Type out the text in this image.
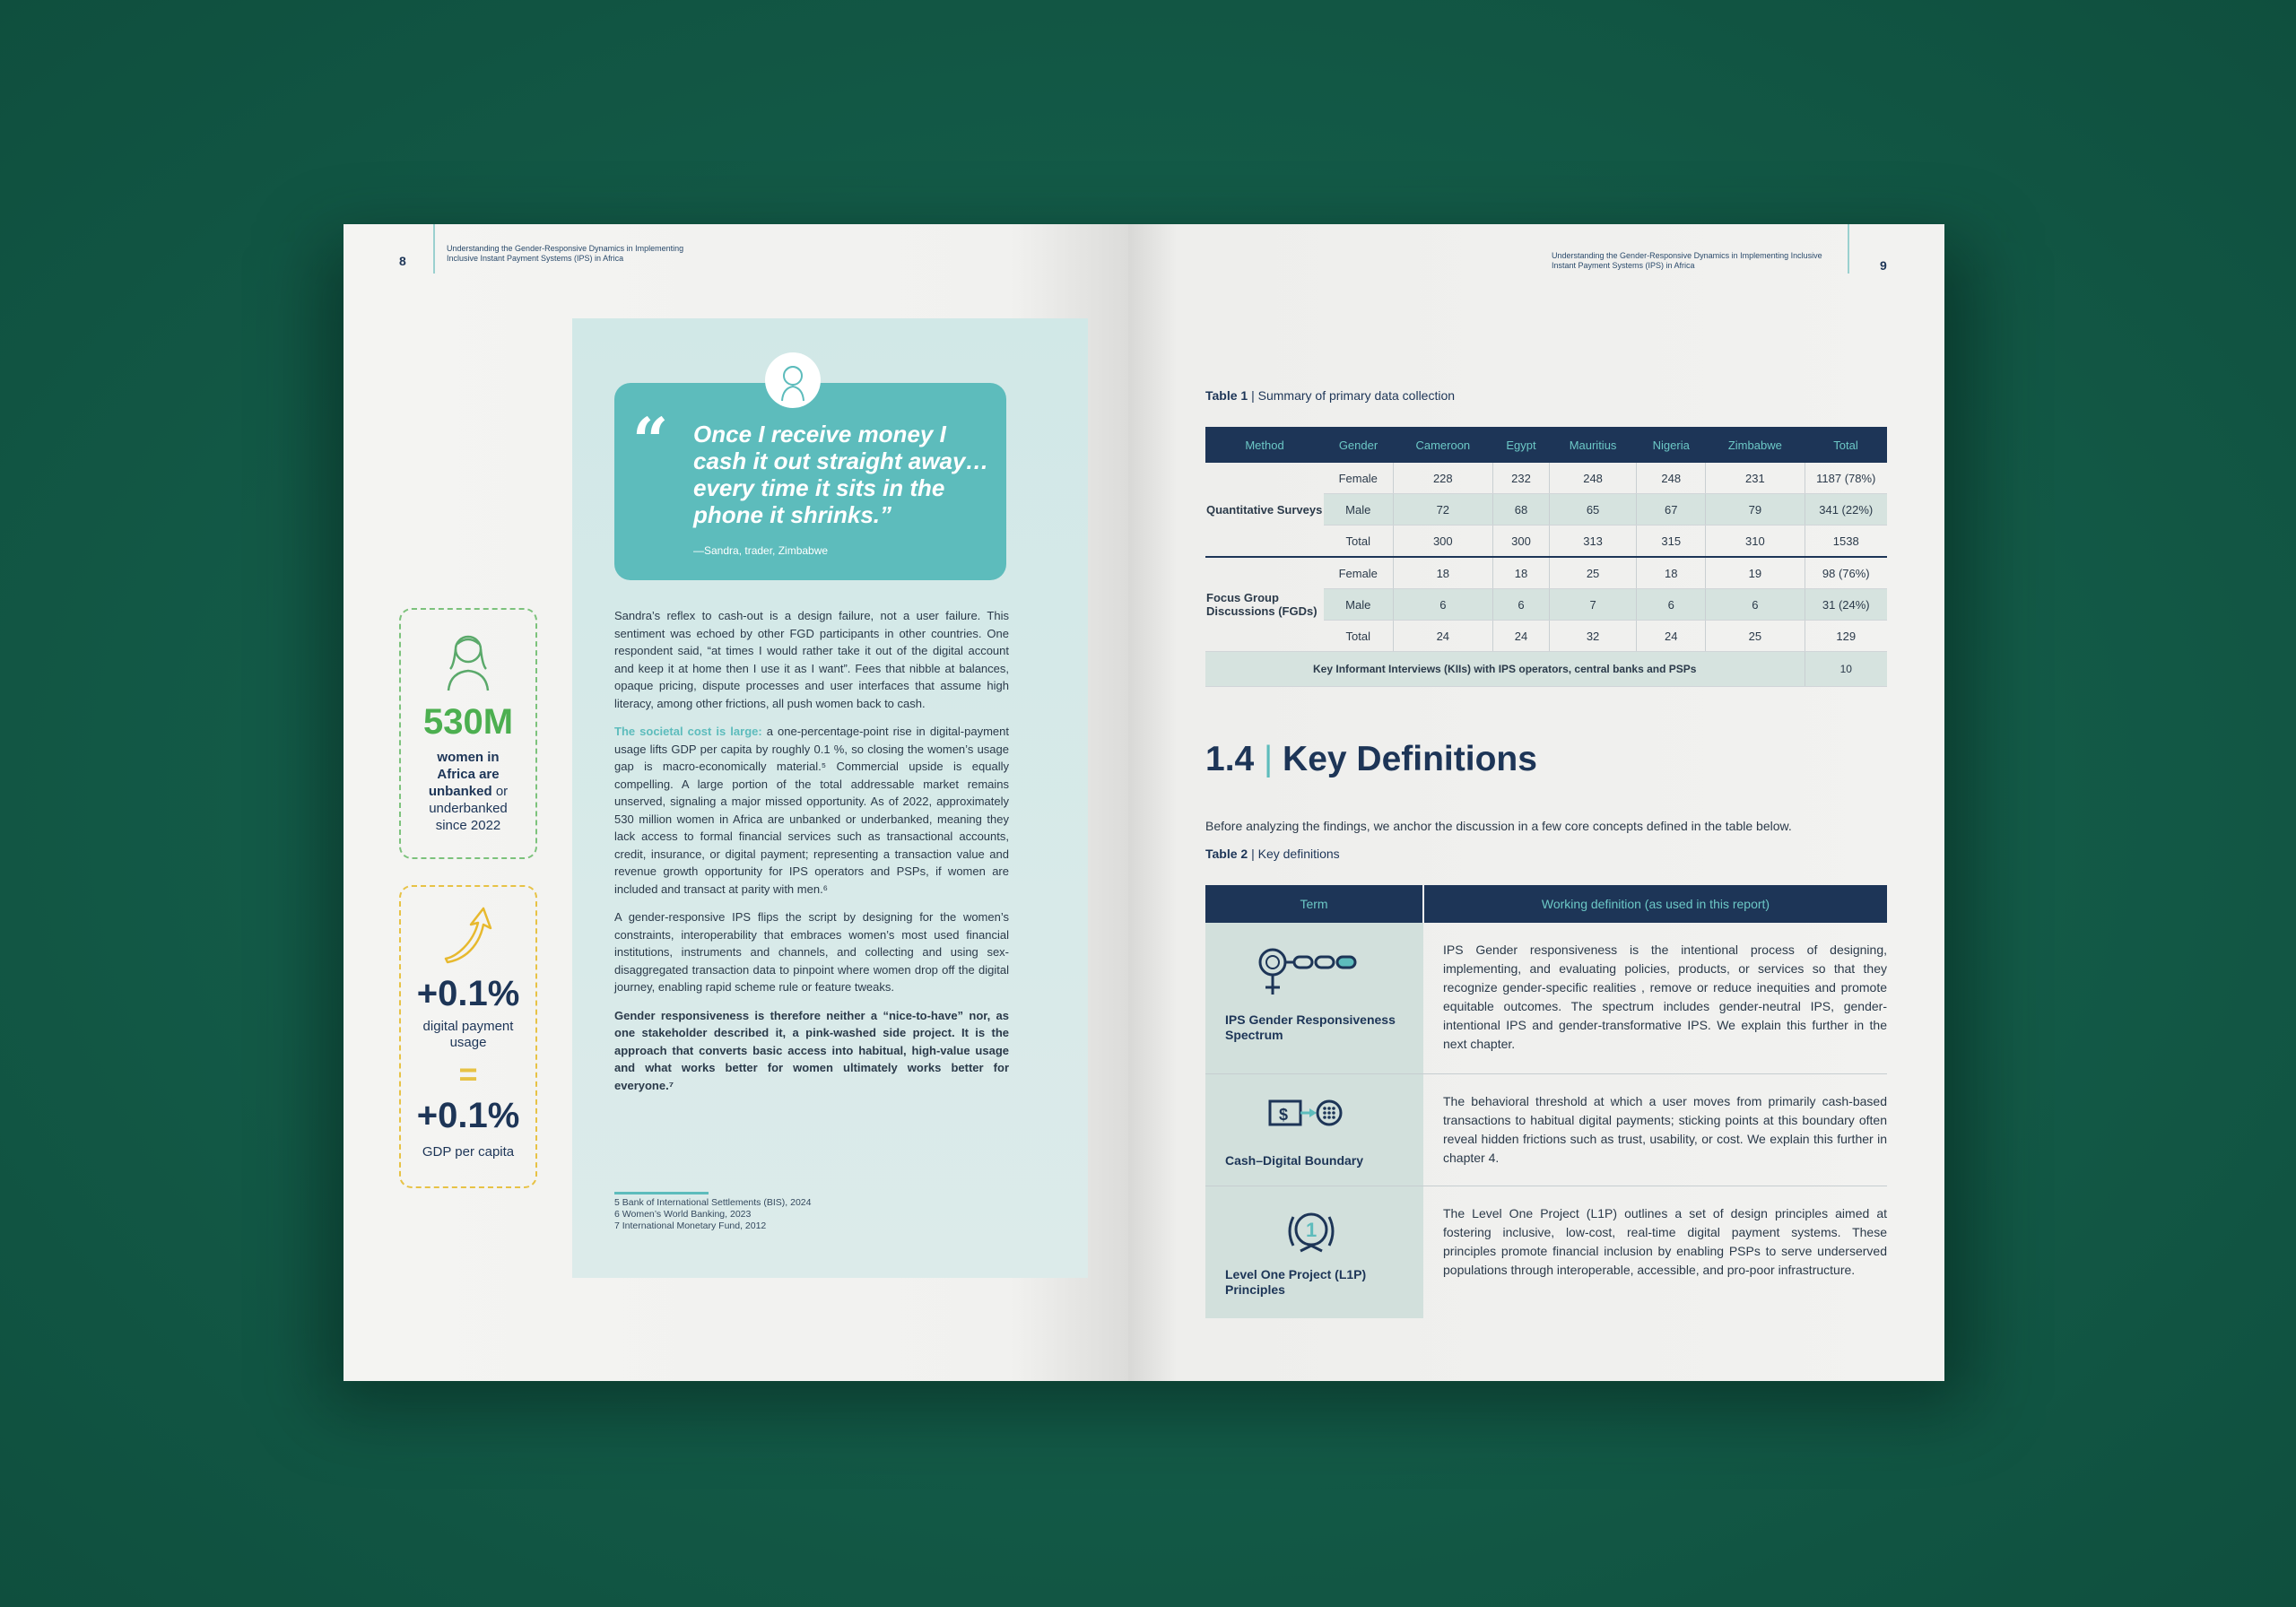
8
Understanding the Gender-Responsive Dynamics in Implementing Inclusive Instant Payment Systems (IPS) in Africa
530M
women in
Africa are
unbanked or
underbanked
since 2022
+0.1%
digital payment usage
=
+0.1%
GDP per capita
“ Once I receive money I cash it out straight away… every time it sits in the phone it shrinks.”
—Sandra, trader, Zimbabwe

Sandra’s reflex to cash-out is a design failure, not a user failure. This sentiment was echoed by other FGD participants in other countries. One respondent said, “at times I would rather take it out of the digital account and keep it at home then I use it as I want”. Fees that nibble at balances, opaque pricing, dispute processes and user interfaces that assume high literacy, among other frictions, all push women back to cash.

The societal cost is large: a one-percentage-point rise in digital-payment usage lifts GDP per capita by roughly 0.1 %, so closing the women’s usage gap is macro-economically material.⁵ Commercial upside is equally compelling. A large portion of the total addressable market remains unserved, signaling a major missed opportunity. As of 2022, approximately 530 million women in Africa are unbanked or underbanked, meaning they lack access to formal financial services such as transactional accounts, credit, insurance, or digital payment; representing a transaction value and revenue growth opportunity for IPS operators and PSPs, if women are included and transact at parity with men.⁶

A gender-responsive IPS flips the script by designing for the women’s constraints, interoperability that embraces women’s most used financial institutions, instruments and channels, and collecting and using sex-disaggregated transaction data to pinpoint where women drop off the digital journey, enabling rapid scheme rule or feature tweaks.

Gender responsiveness is therefore neither a “nice-to-have” nor, as one stakeholder described it, a pink-washed side project. It is the approach that converts basic access into habitual, high-value usage and what works better for women ultimately works better for everyone.⁷

5 Bank of International Settlements (BIS), 2024
6 Women’s World Banking, 2023
7 International Monetary Fund, 2012
Understanding the Gender-Responsive Dynamics in Implementing Inclusive Instant Payment Systems (IPS) in Africa	9
Table 1 | Summary of primary data collection
Method	Gender	Cameroon	Egypt	Mauritius	Nigeria	Zimbabwe	Total
Quantitative Surveys	Female	228	232	248	248	231	1187 (78%)
	Male	72	68	65	67	79	341 (22%)
	Total	300	300	313	315	310	1538
Focus Group Discussions (FGDs)	Female	18	18	25	18	19	98 (76%)
	Male	6	6	7	6	6	31 (24%)
	Total	24	24	32	24	25	129
Key Informant Interviews (KIIs) with IPS operators, central banks and PSPs							10
1.4 | Key Definitions
Before analyzing the findings, we anchor the discussion in a few core concepts defined in the table below.
Table 2 | Key definitions
Term	Working definition (as used in this report)

IPS Gender Responsiveness Spectrum	IPS Gender responsiveness is the intentional process of designing, implementing, and evaluating policies, products, or services so that they recognize gender-specific realities , remove or reduce inequities and promote equitable outcomes. The spectrum includes gender-neutral IPS, gender-intentional IPS and gender-transformative IPS. We explain this further in the next chapter.

$
Cash–Digital Boundary	The behavioral threshold at which a user moves from primarily cash-based transactions to habitual digital payments; sticking points at this boundary often reveal hidden frictions such as trust, usability, or cost. We explain this further in chapter 4.

1
Level One Project (L1P) Principles	The Level One Project (L1P) outlines a set of design principles aimed at fostering inclusive, low-cost, real-time digital payment systems. These principles promote financial inclusion by enabling PSPs to serve underserved populations through interoperable, accessible, and pro-poor infrastructure.
